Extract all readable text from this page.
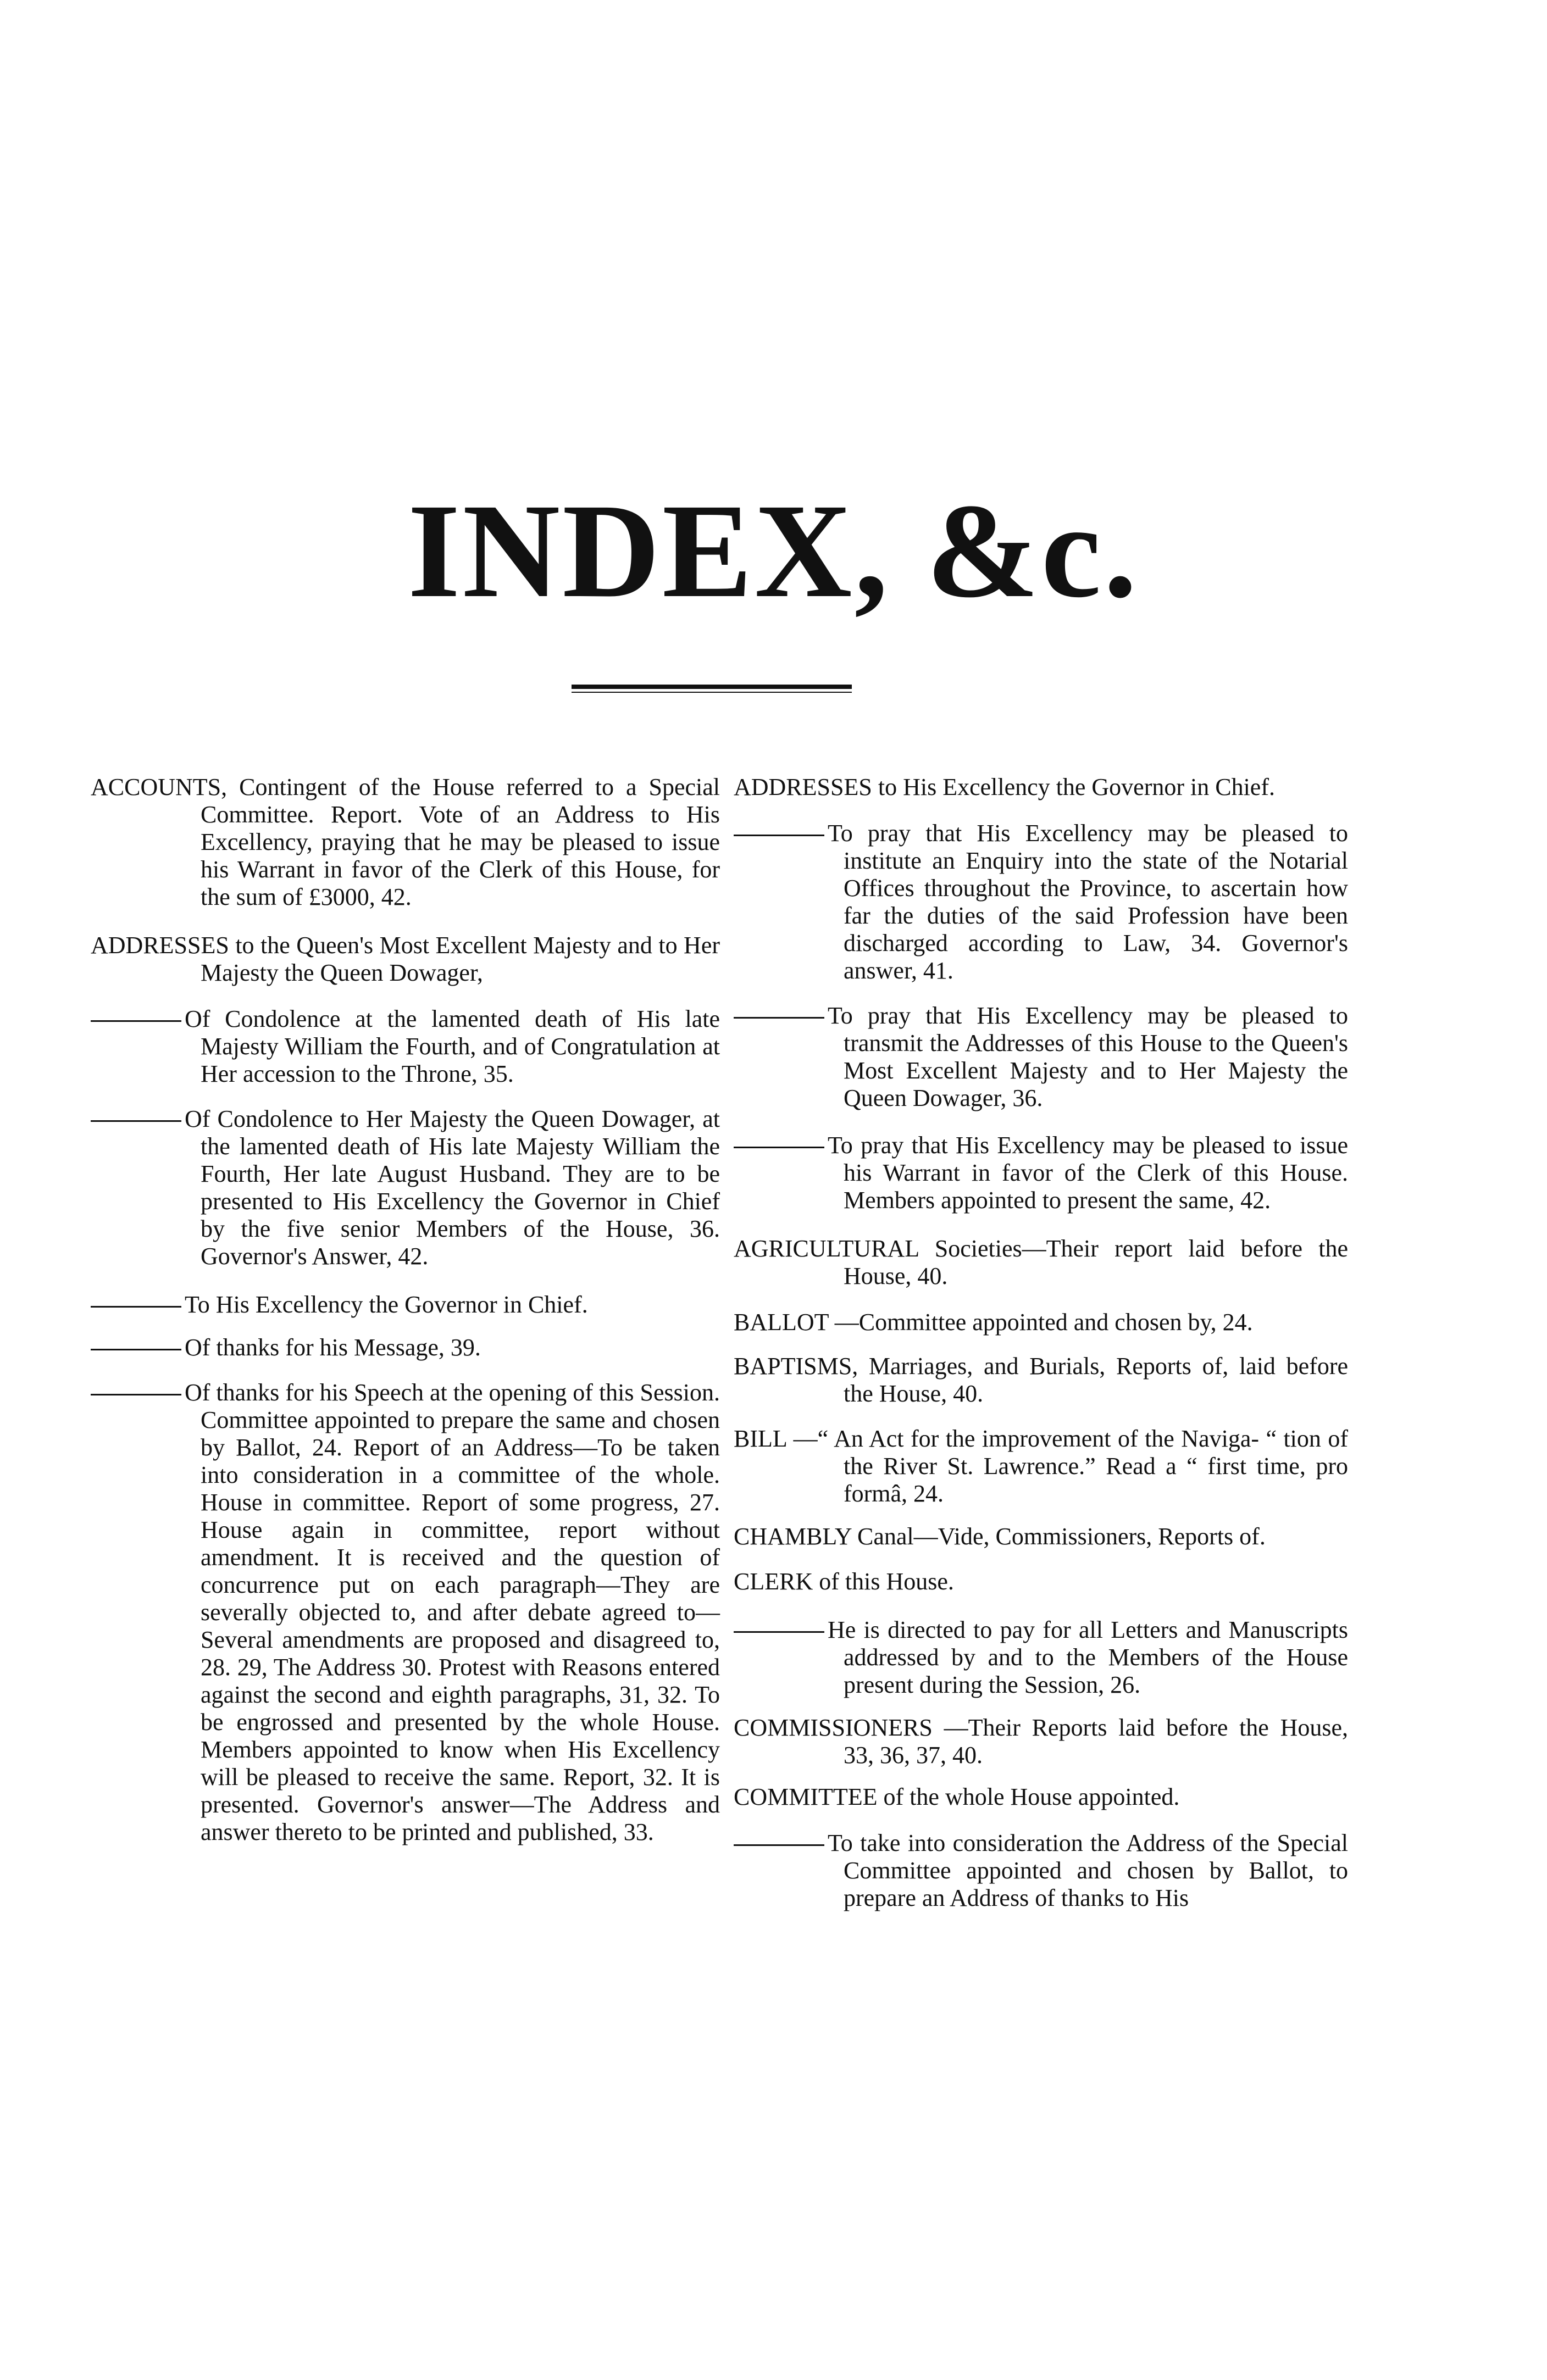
INDEX, &c.

ACCOUNTS, Contingent of the House referred to a Special Committee. Report. Vote of an Address to His Excellency, praying that he may be pleased to issue his Warrant in favor of the Clerk of this House, for the sum of £3000, 42.

ADDRESSES to the Queen's Most Excellent Majesty and to Her Majesty the Queen Dowager,

Of Condolence at the lamented death of His late Majesty William the Fourth, and of Congratulation at Her accession to the Throne, 35.

Of Condolence to Her Majesty the Queen Dowager, at the lamented death of His late Majesty William the Fourth, Her late August Husband. They are to be presented to His Excellency the Governor in Chief by the five senior Members of the House, 36. Governor's Answer, 42.

To His Excellency the Governor in Chief.

Of thanks for his Message, 39.

Of thanks for his Speech at the opening of this Session. Committee appointed to prepare the same and chosen by Ballot, 24. Report of an Address—To be taken into consideration in a committee of the whole. House in committee. Report of some progress, 27. House again in committee, report without amendment. It is received and the question of concurrence put on each paragraph—They are severally objected to, and after debate agreed to—Several amendments are proposed and disagreed to, 28. 29, The Address 30. Protest with Reasons entered against the second and eighth paragraphs, 31, 32. To be engrossed and presented by the whole House. Members appointed to know when His Excellency will be pleased to receive the same. Report, 32. It is presented. Governor's answer—The Address and answer thereto to be printed and published, 33.

ADDRESSES to His Excellency the Governor in Chief.

To pray that His Excellency may be pleased to institute an Enquiry into the state of the Notarial Offices throughout the Province, to ascertain how far the duties of the said Profession have been discharged according to Law, 34. Governor's answer, 41.

To pray that His Excellency may be pleased to transmit the Addresses of this House to the Queen's Most Excellent Majesty and to Her Majesty the Queen Dowager, 36.

To pray that His Excellency may be pleased to issue his Warrant in favor of the Clerk of this House. Members appointed to present the same, 42.

AGRICULTURAL Societies—Their report laid before the House, 40.

BALLOT —Committee appointed and chosen by, 24.

BAPTISMS, Marriages, and Burials, Reports of, laid before the House, 40.

BILL —“ An Act for the improvement of the Naviga- “ tion of the River St. Lawrence.” Read a “ first time, pro formâ, 24.

CHAMBLY Canal—Vide, Commissioners, Reports of.

CLERK of this House.

He is directed to pay for all Letters and Manuscripts addressed by and to the Members of the House present during the Session, 26.

COMMISSIONERS —Their Reports laid before the House, 33, 36, 37, 40.

COMMITTEE of the whole House appointed.

To take into consideration the Address of the Special Committee appointed and chosen by Ballot, to prepare an Address of thanks to His
